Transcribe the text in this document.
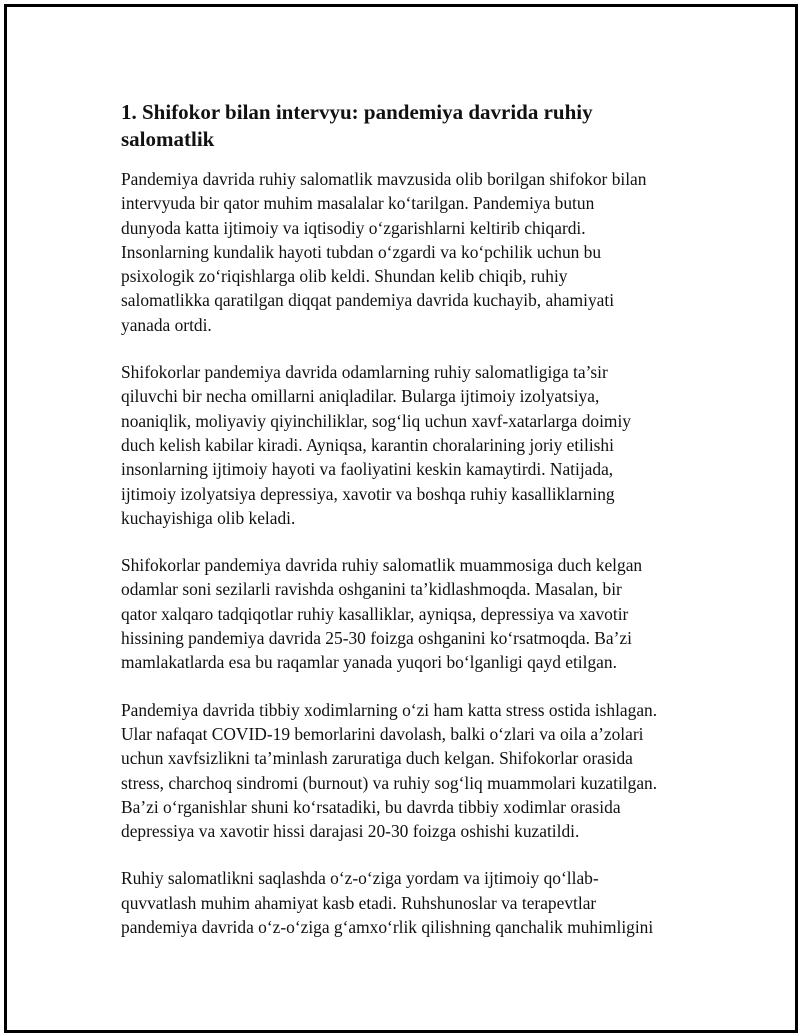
1. Shifokor bilan intervyu: pandemiya davrida ruhiy
salomatlik

Pandemiya davrida ruhiy salomatlik mavzusida olib borilgan shifokor bilan
intervyuda bir qator muhim masalalar ko‘tarilgan. Pandemiya butun
dunyoda katta ijtimoiy va iqtisodiy o‘zgarishlarni keltirib chiqardi.
Insonlarning kundalik hayoti tubdan o‘zgardi va ko‘pchilik uchun bu
psixologik zo‘riqishlarga olib keldi. Shundan kelib chiqib, ruhiy
salomatlikka qaratilgan diqqat pandemiya davrida kuchayib, ahamiyati
yanada ortdi.

Shifokorlar pandemiya davrida odamlarning ruhiy salomatligiga ta’sir
qiluvchi bir necha omillarni aniqladilar. Bularga ijtimoiy izolyatsiya,
noaniqlik, moliyaviy qiyinchiliklar, sog‘liq uchun xavf-xatarlarga doimiy
duch kelish kabilar kiradi. Ayniqsa, karantin choralarining joriy etilishi
insonlarning ijtimoiy hayoti va faoliyatini keskin kamaytirdi. Natijada,
ijtimoiy izolyatsiya depressiya, xavotir va boshqa ruhiy kasalliklarning
kuchayishiga olib keladi.

Shifokorlar pandemiya davrida ruhiy salomatlik muammosiga duch kelgan
odamlar soni sezilarli ravishda oshganini ta’kidlashmoqda. Masalan, bir
qator xalqaro tadqiqotlar ruhiy kasalliklar, ayniqsa, depressiya va xavotir
hissining pandemiya davrida 25-30 foizga oshganini ko‘rsatmoqda. Ba’zi
mamlakatlarda esa bu raqamlar yanada yuqori bo‘lganligi qayd etilgan.

Pandemiya davrida tibbiy xodimlarning o‘zi ham katta stress ostida ishlagan.
Ular nafaqat COVID-19 bemorlarini davolash, balki o‘zlari va oila a’zolari
uchun xavfsizlikni ta’minlash zaruratiga duch kelgan. Shifokorlar orasida
stress, charchoq sindromi (burnout) va ruhiy sog‘liq muammolari kuzatilgan.
Ba’zi o‘rganishlar shuni ko‘rsatadiki, bu davrda tibbiy xodimlar orasida
depressiya va xavotir hissi darajasi 20-30 foizga oshishi kuzatildi.

Ruhiy salomatlikni saqlashda o‘z-o‘ziga yordam va ijtimoiy qo‘llab-
quvvatlash muhim ahamiyat kasb etadi. Ruhshunoslar va terapevtlar
pandemiya davrida o‘z-o‘ziga g‘amxo‘rlik qilishning qanchalik muhimligini
